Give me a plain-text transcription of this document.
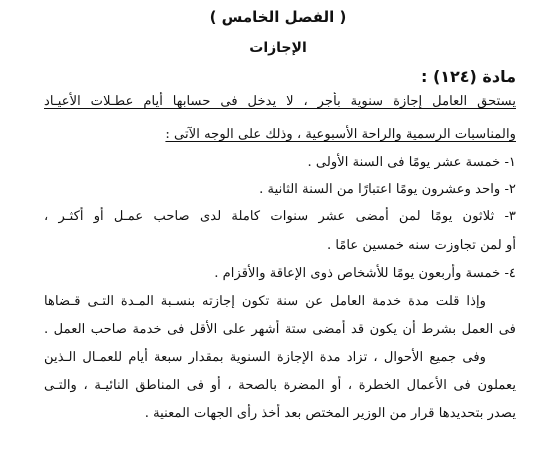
( الفصل الخامس )
الإجازات
مادة (١٢٤) :
يستحق العامل إجازة سنوية بأجر ، لا يدخل فى حسابها أيام عطـلات الأعيـاد
والمناسبات الرسمية والراحة الأسبوعية ، وذلك على الوجه الآتى :
١- خمسة عشر يومًا فى السنة الأولى .
٢- واحد وعشرون يومًا اعتبارًا من السنة الثانية .
٣- ثلاثون يومًا لمن أمضى عشر سنوات كاملة لدى صاحب عمـل أو أكثـر ،
أو لمن تجاوزت سنه خمسين عامًا .
٤- خمسة وأربعون يومًا للأشخاص ذوى الإعاقة والأقزام .
وإذا قلت مدة خدمة العامل عن سنة تكون إجازته بنسـبة المـدة التـى قـضاها
فى العمل بشرط أن يكون قد أمضى ستة أشهر على الأقل فى خدمة صاحب العمل .
وفى جميع الأحوال ، تزاد مدة الإجازة السنوية بمقدار سبعة أيام للعمـال الـذين
يعملون فى الأعمال الخطرة ، أو المضرة بالصحة ، أو فى المناطق النائيـة ، والتـى
يصدر بتحديدها قرار من الوزير المختص بعد أخذ رأى الجهات المعنية .
